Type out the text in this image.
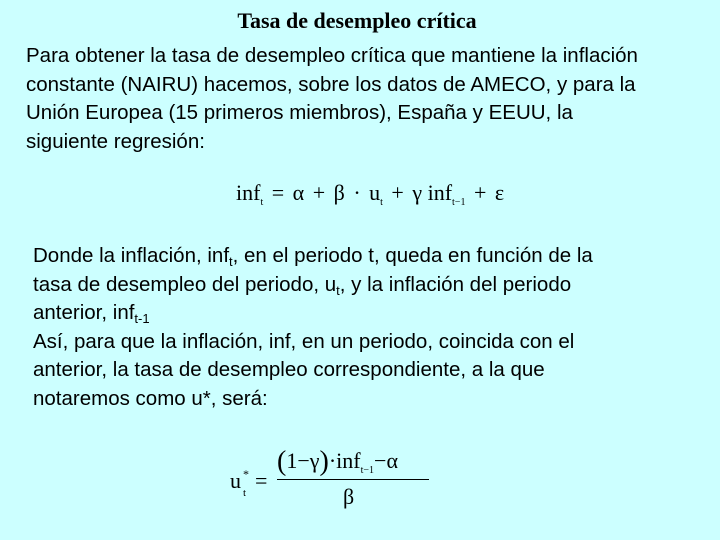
Tasa de desempleo crítica
Para obtener la tasa de desempleo crítica que mantiene la inflación
constante (NAIRU) hacemos, sobre los datos de AMECO, y para la
Unión Europea (15 primeros miembros), España y EEUU, la
siguiente regresión:
$inf_t = \alpha + \beta \cdot u_t + \gamma$ inf$_{t-1}$ + ε
Donde la inflación, inf$_t$, en el periodo t, queda en función de la
tasa de desempleo del periodo, $u_t$, y la inflación del periodo
anterior, inf$_{t-1}$
Así, para que la inflación, inf, en un periodo, coincida con el
anterior, la tasa de desempleo correspondiente, a la que
notaremos como u*, será:
u *
t =
(1−γ)·inf$_{t-1}$−α
β
